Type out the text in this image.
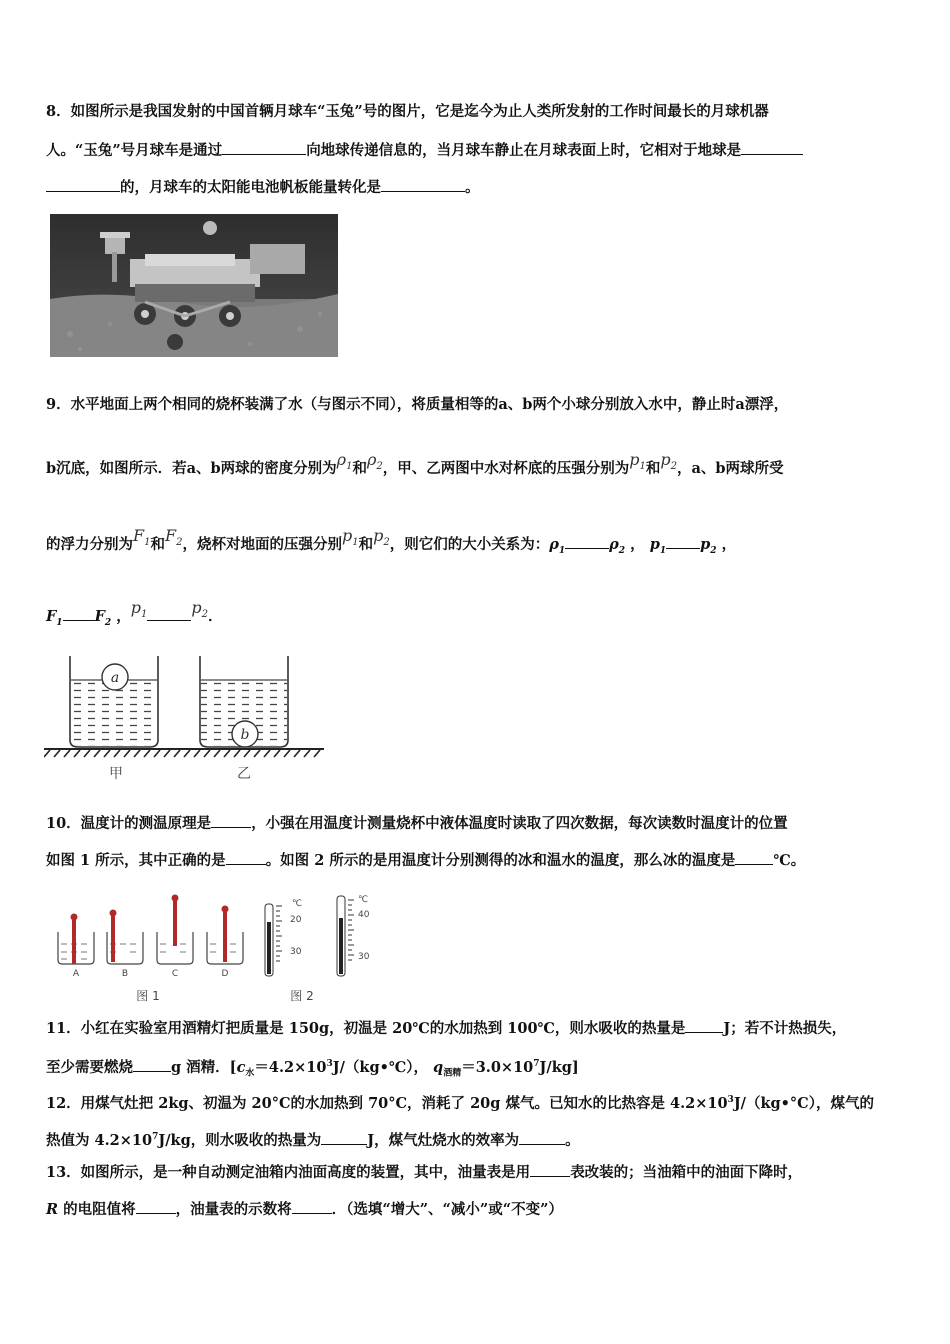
8．如图所示是我国发射的中国首辆月球车“玉兔”号的图片，它是迄今为止人类所发射的工作时间最长的月球机器
人。“玉兔”号月球车是通过	向地球传递信息的，当月球车静止在月球表面上时，它相对于地球是
的，月球车的太阳能电池帆板能量转化是	。
9．水平地面上两个相同的烧杯装满了水（与图示不同），将质量相等的a、b两个小球分别放入水中，静止时a漂浮，
b沉底，如图所示．若a、b两球的密度分别为$\rho_1$和$\rho_2$，甲、乙两图中水对杯底的压强分别为$p_1$和$p_2$，a、b两球所受
的浮力分别为$F_1$和$F_2$，烧杯对地面的压强分别$p_1$和$p_2$，则它们的大小关系为：$\rho_1$	$\rho_2$ ， $p_1$ $p_2$ ，
$F_1$ $F_2$ ，$p_1$	$p_2$．
a
b
甲	乙
10．温度计的测温原理是	，小强在用温度计测量烧杯中液体温度时读取了四次数据，每次读数时温度计的位置
如图 1 所示，其中正确的是	。如图 2 所示的是用温度计分别测得的冰和温水的温度，那么冰的温度是	℃。
A	B	C	D
图 1
℃
20
30
℃
40
30
图 2
11．小红在实验室用酒精灯把质量是 150g，初温是 20℃的水加热到 100℃，则水吸收的热量是	J；若不计热损失，
至少需要燃烧	g 酒精．[$c_水=4.2\times 10^3J/(kg•℃)$， $q_{酒精}=3.0\times 10^7J/kg$]
12．用煤气灶把 2kg、初温为 20°C的水加热到 70°C，消耗了 20g 煤气。已知水的比热容是 $4.2\times 10^3J/(kg•^\circ C)$，煤气的
热值为 $4.2\times 10^7J/kg$，则水吸收的热量为	J，煤气灶烧水的效率为	。
13．如图所示，是一种自动测定油箱内油面高度的装置，其中，油量表是用	表改装的；当油箱中的油面下降时，
R 的电阻值将	，油量表的示数将	．（选填“增大”、“减小”或“不变”）
